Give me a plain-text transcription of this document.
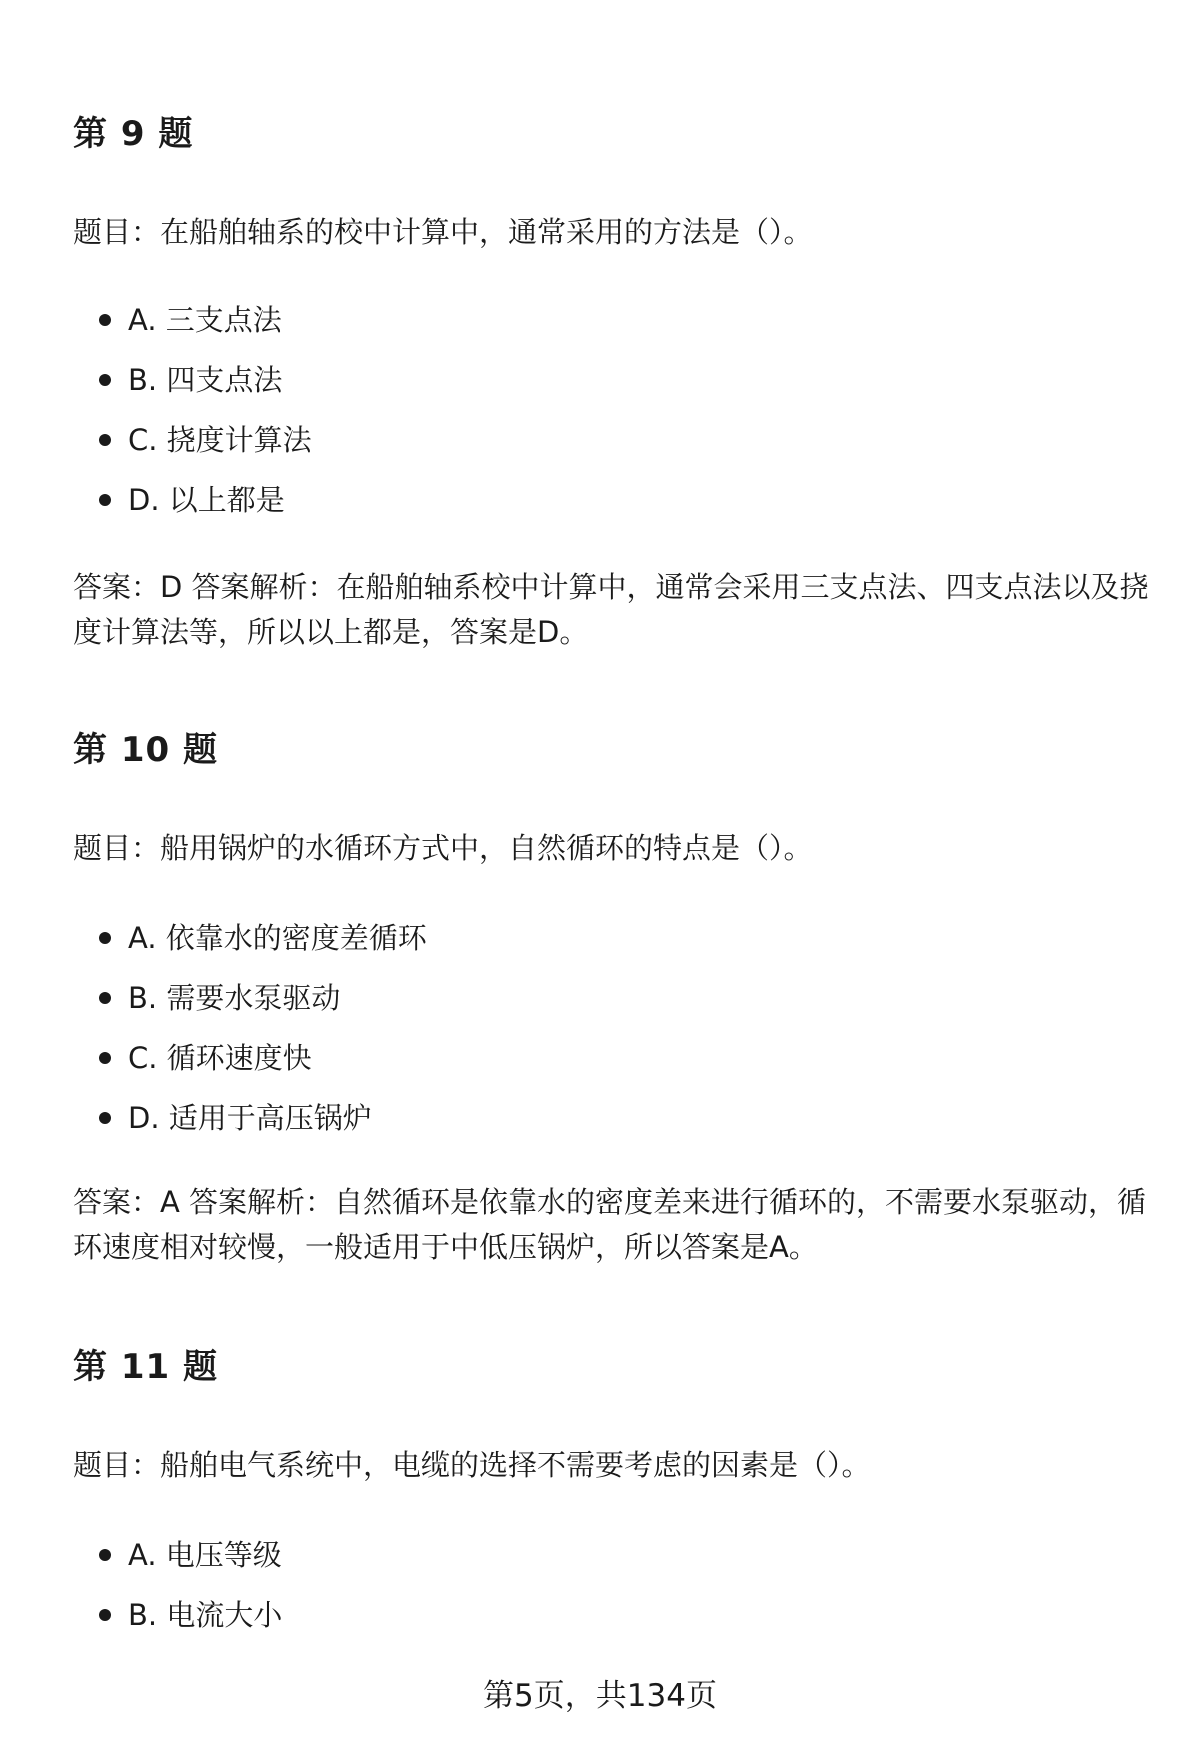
第 9 题

题目：在船舶轴系的校中计算中，通常采用的方法是（）。

A. 三支点法
B. 四支点法
C. 挠度计算法
D. 以上都是

答案：D 答案解析：在船舶轴系校中计算中，通常会采用三支点法、四支点法以及挠度计算法等，所以以上都是，答案是D。

第 10 题

题目：船用锅炉的水循环方式中，自然循环的特点是（）。

A. 依靠水的密度差循环
B. 需要水泵驱动
C. 循环速度快
D. 适用于高压锅炉

答案：A 答案解析：自然循环是依靠水的密度差来进行循环的，不需要水泵驱动，循环速度相对较慢，一般适用于中低压锅炉，所以答案是A。

第 11 题

题目：船舶电气系统中，电缆的选择不需要考虑的因素是（）。

A. 电压等级
B. 电流大小
第5页，共134页
